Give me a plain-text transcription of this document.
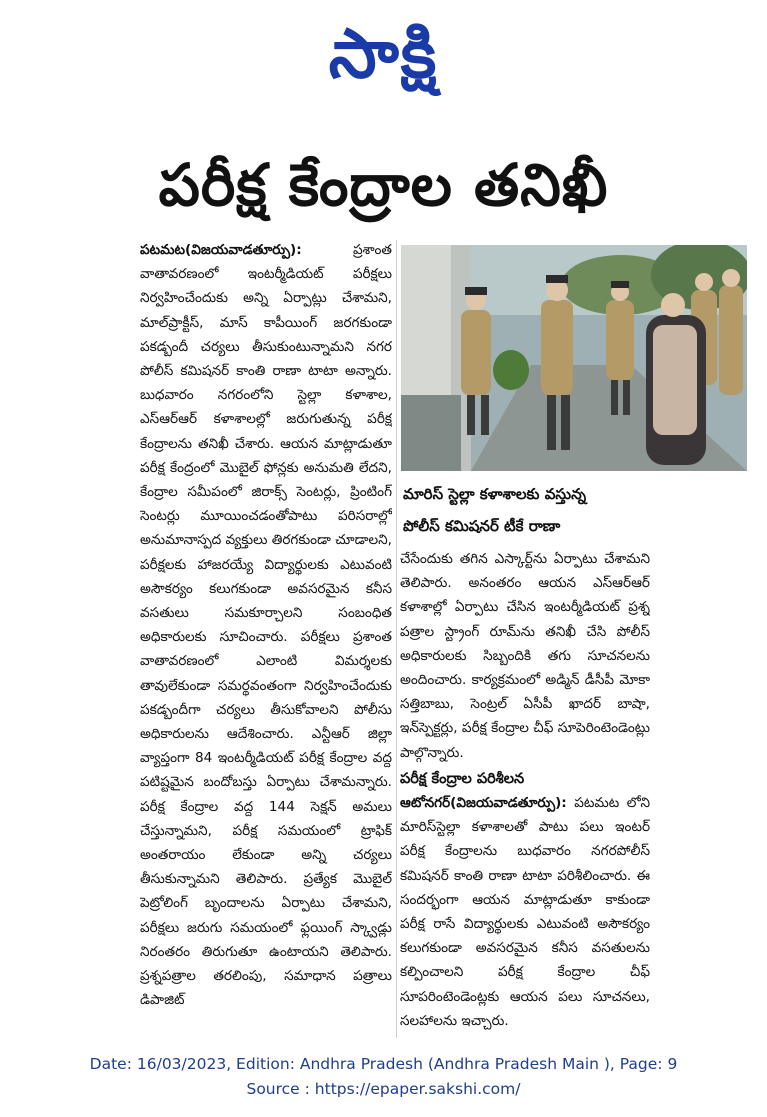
సాక్షి
పరీక్ష కేంద్రాల తనిఖీ

పటమట(విజయవాడతూర్పు):	ప్రశాంత వాతావరణంలో ఇంటర్మీడియట్ పరీక్షలు నిర్వహించేందుకు అన్ని ఏర్పాట్లు చేశామని, మాల్‌ప్రాక్టీస్, మాస్ కాపీయింగ్ జరగకుండా పకడ్బందీ చర్యలు తీసుకుంటున్నామని నగర పోలీస్ కమిషనర్ కాంతి రాణా టాటా అన్నారు. బుధవారం నగరంలోని స్టెల్లా కళాశాల, ఎస్‌ఆర్‌ఆర్ కళాశాలల్లో జరుగుతున్న పరీక్ష కేంద్రాలను తనిఖీ చేశారు. ఆయన మాట్లాడుతూ పరీక్ష కేంద్రంలో మొబైల్ ఫోన్లకు అనుమతి లేదని, కేంద్రాల సమీపంలో జిరాక్స్ సెంటర్లు, ప్రింటింగ్ సెంటర్లు మూయించడంతోపాటు పరిసరాల్లో అనుమానాస్పద వ్యక్తులు తిరగకుండా చూడాలని, పరీక్షలకు హాజరయ్యే విద్యార్థులకు ఎటువంటి అసౌకర్యం కలుగకుండా అవసరమైన కనీస వసతులు సమకూర్చాలని సంబంధిత అధికారులకు సూచించారు. పరీక్షలు ప్రశాంత వాతావరణంలో ఎలాంటి విమర్శలకు తావులేకుండా సమర్థవంతంగా నిర్వహించేందుకు పకడ్బందీగా చర్యలు తీసుకోవాలని పోలీసు అధికారులను ఆదేశించారు. ఎన్టీఆర్ జిల్లా వ్యాప్తంగా 84 ఇంటర్మీడియట్ పరీక్ష కేంద్రాల వద్ద పటిష్టమైన బందోబస్తు ఏర్పాటు చేశామన్నారు. పరీక్ష కేంద్రాల వద్ద 144 సెక్షన్ అమలు చేస్తున్నామని, పరీక్ష సమయంలో ట్రాఫిక్ అంతరాయం లేకుండా అన్ని చర్యలు తీసుకున్నామని తెలిపారు. ప్రత్యేక మొబైల్ పెట్రోలింగ్ బృందాలను ఏర్పాటు చేశామని, పరీక్షలు జరుగు సమయంలో ఫ్లయింగ్ స్క్వాడ్లు నిరంతరం తిరుగుతూ ఉంటాయని తెలిపారు. ప్రశ్నపత్రాల తరలింపు, సమాధాన పత్రాలు డిపాజిట్

మారిస్ స్టెల్లా కళాశాలకు వస్తున్న

పోలీస్ కమిషనర్ టీకే రాణా

చేసేందుకు తగిన ఎస్కార్ట్‌ను ఏర్పాటు చేశామని తెలిపారు. అనంతరం ఆయన ఎస్‌ఆర్‌ఆర్ కళాశాల్లో ఏర్పాటు చేసిన ఇంటర్మీడియట్ ప్రశ్న పత్రాల స్ట్రాంగ్ రూమ్‌ను తనిఖీ చేసి పోలీస్ అధికారులకు సిబ్బందికి తగు సూచనలను అందించారు. కార్యక్రమంలో అడ్మిన్ డీసీపీ మోకా సత్తిబాబు, సెంట్రల్ ఏసీపీ ఖాదర్ బాషా, ఇన్‌స్పెక్టర్లు, పరీక్ష కేంద్రాల చీఫ్ సూపెరింటెండెంట్లు పాల్గొన్నారు.

పరీక్ష కేంద్రాల పరిశీలన

ఆటోనగర్(విజయవాడతూర్పు): పటమట లోని మారిస్‌స్టెల్లా కళాశాలతో పాటు పలు ఇంటర్ పరీక్ష కేంద్రాలను బుధవారం నగరపోలీస్ కమిషనర్ కాంతి రాణా టాటా పరిశీలించారు. ఈ సందర్భంగా ఆయన మాట్లాడుతూ కాకుండా పరీక్ష రాసే విద్యార్థులకు ఎటువంటి అసౌకర్యం కలుగకుండా అవసరమైన కనీస వసతులను కల్పించాలని పరీక్ష కేంద్రాల చీఫ్ సూపరింటెండెంట్లకు ఆయన పలు సూచనలు, సలహాలను ఇచ్చారు.

Date: 16/03/2023, Edition: Andhra Pradesh (Andhra Pradesh Main ), Page: 9

Source : https://epaper.sakshi.com/
